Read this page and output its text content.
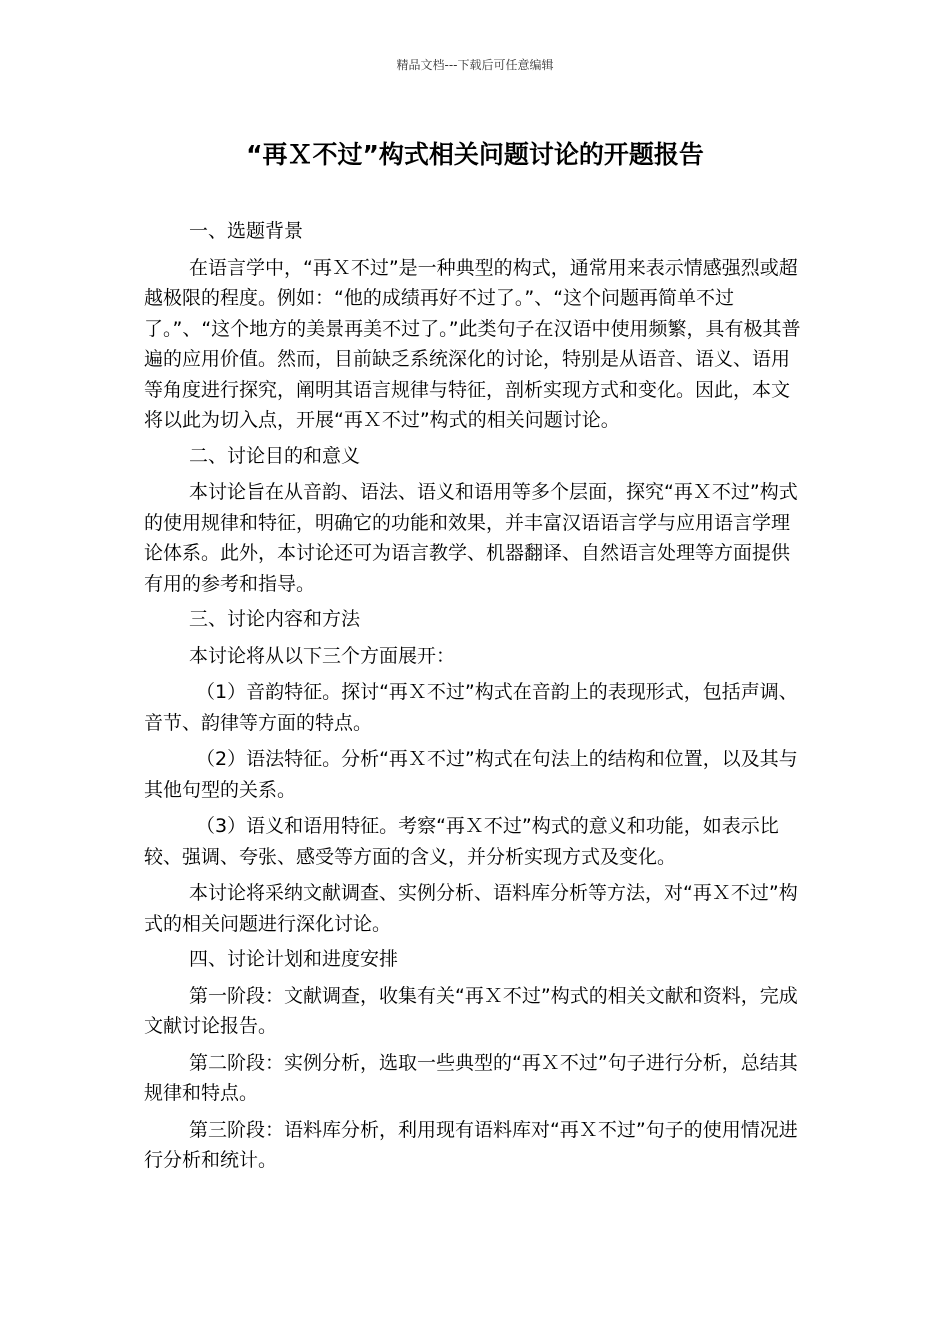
精品文档---下载后可任意编辑
“再Ｘ不过”构式相关问题讨论的开题报告

一、选题背景

在语言学中，“再Ｘ不过”是一种典型的构式，通常用来表示情感强烈或超越极限的程度。例如：“他的成绩再好不过了。”、“这个问题再简单不过了。”、“这个地方的美景再美不过了。”此类句子在汉语中使用频繁，具有极其普遍的应用价值。然而，目前缺乏系统深化的讨论，特别是从语音、语义、语用等角度进行探究，阐明其语言规律与特征，剖析实现方式和变化。因此，本文将以此为切入点，开展“再Ｘ不过”构式的相关问题讨论。

二、讨论目的和意义

本讨论旨在从音韵、语法、语义和语用等多个层面，探究“再Ｘ不过”构式的使用规律和特征，明确它的功能和效果，并丰富汉语语言学与应用语言学理论体系。此外，本讨论还可为语言教学、机器翻译、自然语言处理等方面提供有用的参考和指导。

三、讨论内容和方法

本讨论将从以下三个方面展开：

（1）音韵特征。探讨“再Ｘ不过”构式在音韵上的表现形式，包括声调、音节、韵律等方面的特点。

（2）语法特征。分析“再Ｘ不过”构式在句法上的结构和位置，以及其与其他句型的关系。

（3）语义和语用特征。考察“再Ｘ不过”构式的意义和功能，如表示比较、强调、夸张、感受等方面的含义，并分析实现方式及变化。

本讨论将采纳文献调查、实例分析、语料库分析等方法，对“再Ｘ不过”构式的相关问题进行深化讨论。

四、讨论计划和进度安排

第一阶段：文献调查，收集有关“再Ｘ不过”构式的相关文献和资料，完成文献讨论报告。

第二阶段：实例分析，选取一些典型的“再Ｘ不过”句子进行分析，总结其规律和特点。

第三阶段：语料库分析，利用现有语料库对“再Ｘ不过”句子的使用情况进行分析和统计。
